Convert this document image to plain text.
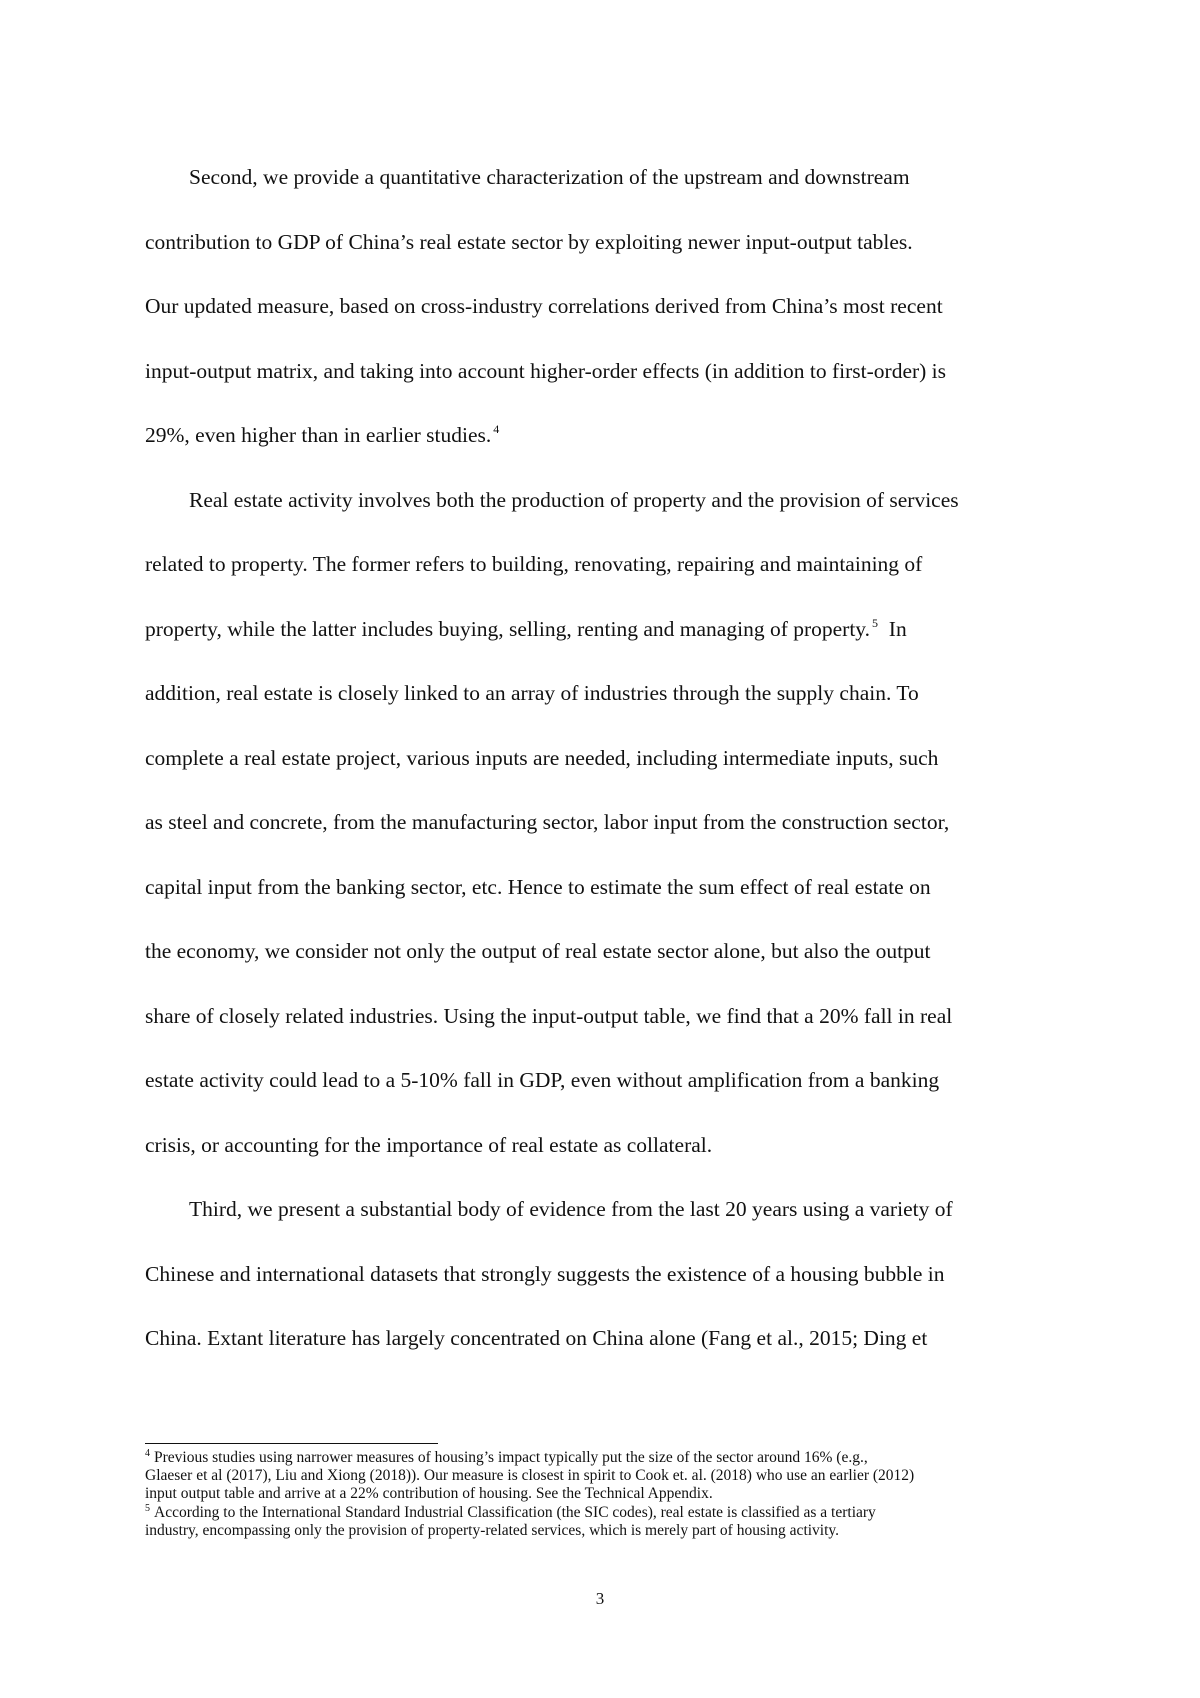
Second, we provide a quantitative characterization of the upstream and downstream

contribution to GDP of China’s real estate sector by exploiting newer input-output tables.

Our updated measure, based on cross-industry correlations derived from China’s most recent

input-output matrix, and taking into account higher-order effects (in addition to first-order) is

29%, even higher than in earlier studies. $^4$

Real estate activity involves both the production of property and the provision of services

related to property. The former refers to building, renovating, repairing and maintaining of

property, while the latter includes buying, selling, renting and managing of property. $^5$ In

addition, real estate is closely linked to an array of industries through the supply chain. To

complete a real estate project, various inputs are needed, including intermediate inputs, such

as steel and concrete, from the manufacturing sector, labor input from the construction sector,

capital input from the banking sector, etc. Hence to estimate the sum effect of real estate on

the economy, we consider not only the output of real estate sector alone, but also the output

share of closely related industries. Using the input-output table, we find that a 20% fall in real

estate activity could lead to a 5-10% fall in GDP, even without amplification from a banking

crisis, or accounting for the importance of real estate as collateral.

Third, we present a substantial body of evidence from the last 20 years using a variety of

Chinese and international datasets that strongly suggests the existence of a housing bubble in

China. Extant literature has largely concentrated on China alone (Fang et al., 2015; Ding et

$^4$ Previous studies using narrower measures of housing’s impact typically put the size of the sector around 16% (e.g.,

Glaeser et al (2017), Liu and Xiong (2018)). Our measure is closest in spirit to Cook et. al. (2018) who use an earlier (2012)

input output table and arrive at a 22% contribution of housing. See the Technical Appendix.

$^5$ According to the International Standard Industrial Classification (the SIC codes), real estate is classified as a tertiary

industry, encompassing only the provision of property-related services, which is merely part of housing activity.

3
